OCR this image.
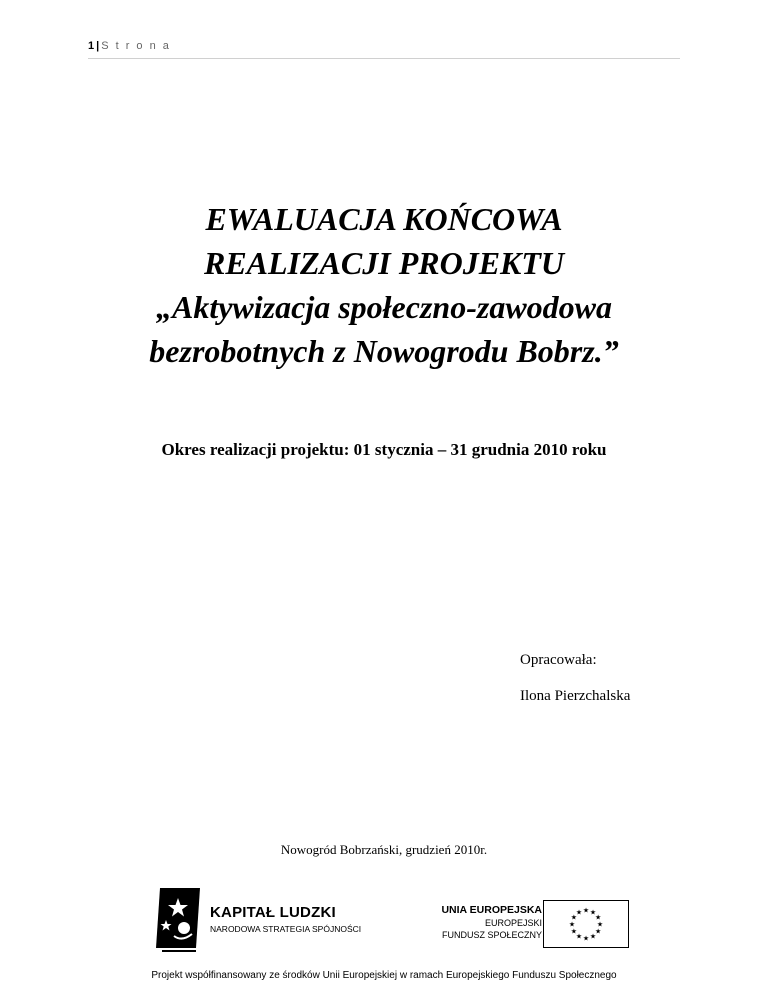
1 | S t r o n a
EWALUACJA KOŃCOWA
REALIZACJI PROJEKTU
„Aktywizacja społeczno-zawodowa
bezrobotnych z Nowogrodu Bobrz.”
Okres realizacji projektu: 01 stycznia – 31 grudnia 2010 roku
Opracowała:
Ilona Pierzchalska
Nowogród Bobrzański, grudzień 2010r.
KAPITAŁ LUDZKI
NARODOWA STRATEGIA SPÓJNOŚCI
UNIA EUROPEJSKA
EUROPEJSKI
FUNDUSZ SPOŁECZNY
★ ★
★
★
★
★
★
★
★
★
★
★
Projekt współfinansowany ze środków Unii Europejskiej w ramach Europejskiego Funduszu Społecznego
